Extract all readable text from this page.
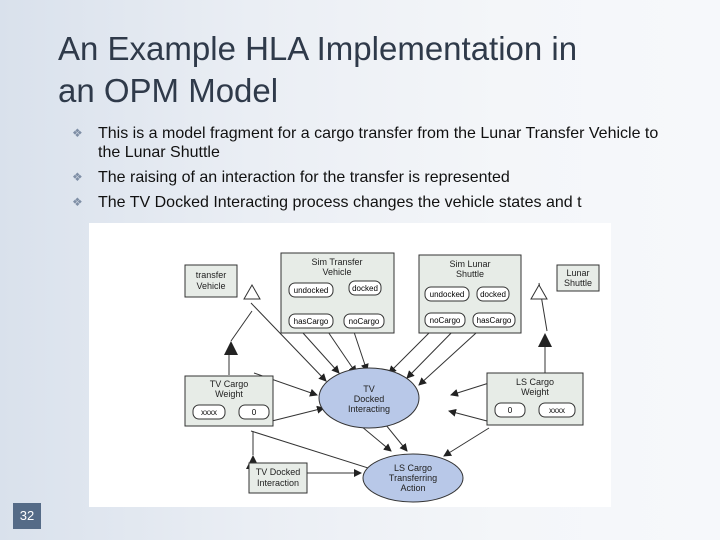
An Example HLA Implementation in
an OPM Model
❖ This is a model fragment for a cargo transfer from the Lunar Transfer Vehicle to the Lunar Shuttle
❖ The raising of an interaction for the transfer is represented
❖ The TV Docked Interacting process changes the vehicle states and t
transfer
Vehicle
Sim Transfer
Vehicle
undocked	docked
hasCargo	noCargo
Sim Lunar
Shuttle
undocked docked
noCargo hasCargo
Lunar
Shuttle
TV Cargo
Weight
xxxx	0
LS Cargo
Weight
0	xxxx
TV
Docked
Interacting
TV Docked
Interaction
LS Cargo
Transferring
Action
32
